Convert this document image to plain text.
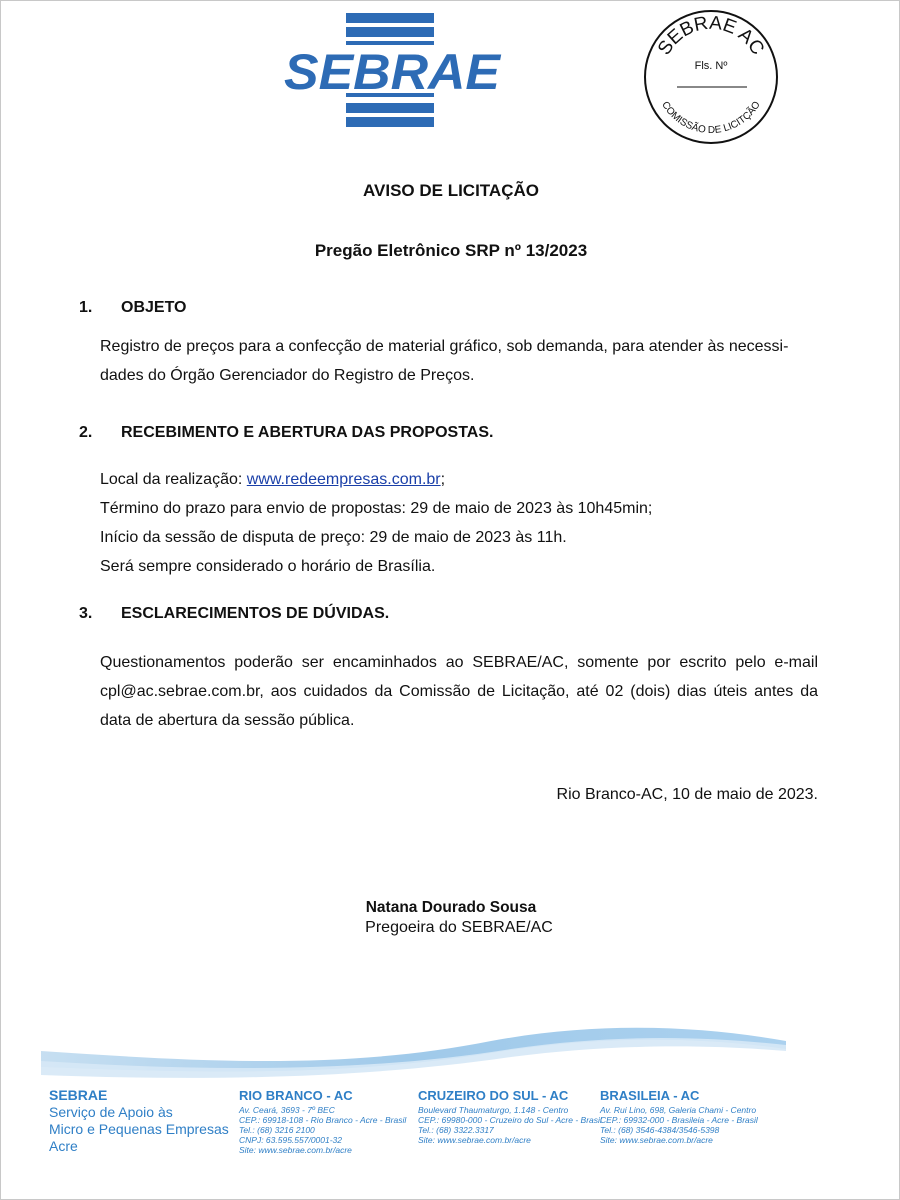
SEBRAE	SEBRAE AC
Fls. Nº
COMISSÃO DE LICITÇÃO
AVISO DE LICITAÇÃO
Pregão Eletrônico SRP nº 13/2023
1. OBJETO
Registro de preços para a confecção de material gráfico, sob demanda, para atender às necessi-
dades do Órgão Gerenciador do Registro de Preços.
2. RECEBIMENTO E ABERTURA DAS PROPOSTAS.
Local da realização: www.redeempresas.com.br;
Término do prazo para envio de propostas: 29 de maio de 2023 às 10h45min;
Início da sessão de disputa de preço: 29 de maio de 2023 às 11h.
Será sempre considerado o horário de Brasília.
3. ESCLARECIMENTOS DE DÚVIDAS.
Questionamentos poderão ser encaminhados ao SEBRAE/AC, somente por escrito pelo e-mail
cpl@ac.sebrae.com.br, aos cuidados da Comissão de Licitação, até 02 (dois) dias úteis antes da
data de abertura da sessão pública.
Rio Branco-AC, 10 de maio de 2023.
Natana Dourado Sousa
Pregoeira do SEBRAE/AC
SEBRAE
Serviço de Apoio às
Micro e Pequenas Empresas
Acre
RIO BRANCO - AC
Av. Ceará, 3693 - 7º BEC
CEP.: 69918-108 - Rio Branco - Acre - Brasil
Tel.: (68) 3216 2100
CNPJ: 63.595.557/0001-32
Site: www.sebrae.com.br/acre
CRUZEIRO DO SUL - AC
Boulevard Thaumaturgo, 1.148 - Centro
CEP.: 69980-000 - Cruzeiro do Sul - Acre - Brasil
Tel.: (68) 3322.3317
Site: www.sebrae.com.br/acre
BRASILEIA - AC
Av. Rui Lino, 698, Galeria Chami - Centro
CEP.: 69932-000 - Brasileia - Acre - Brasil
Tel.: (68) 3546-4384/3546-5398
Site: www.sebrae.com.br/acre
